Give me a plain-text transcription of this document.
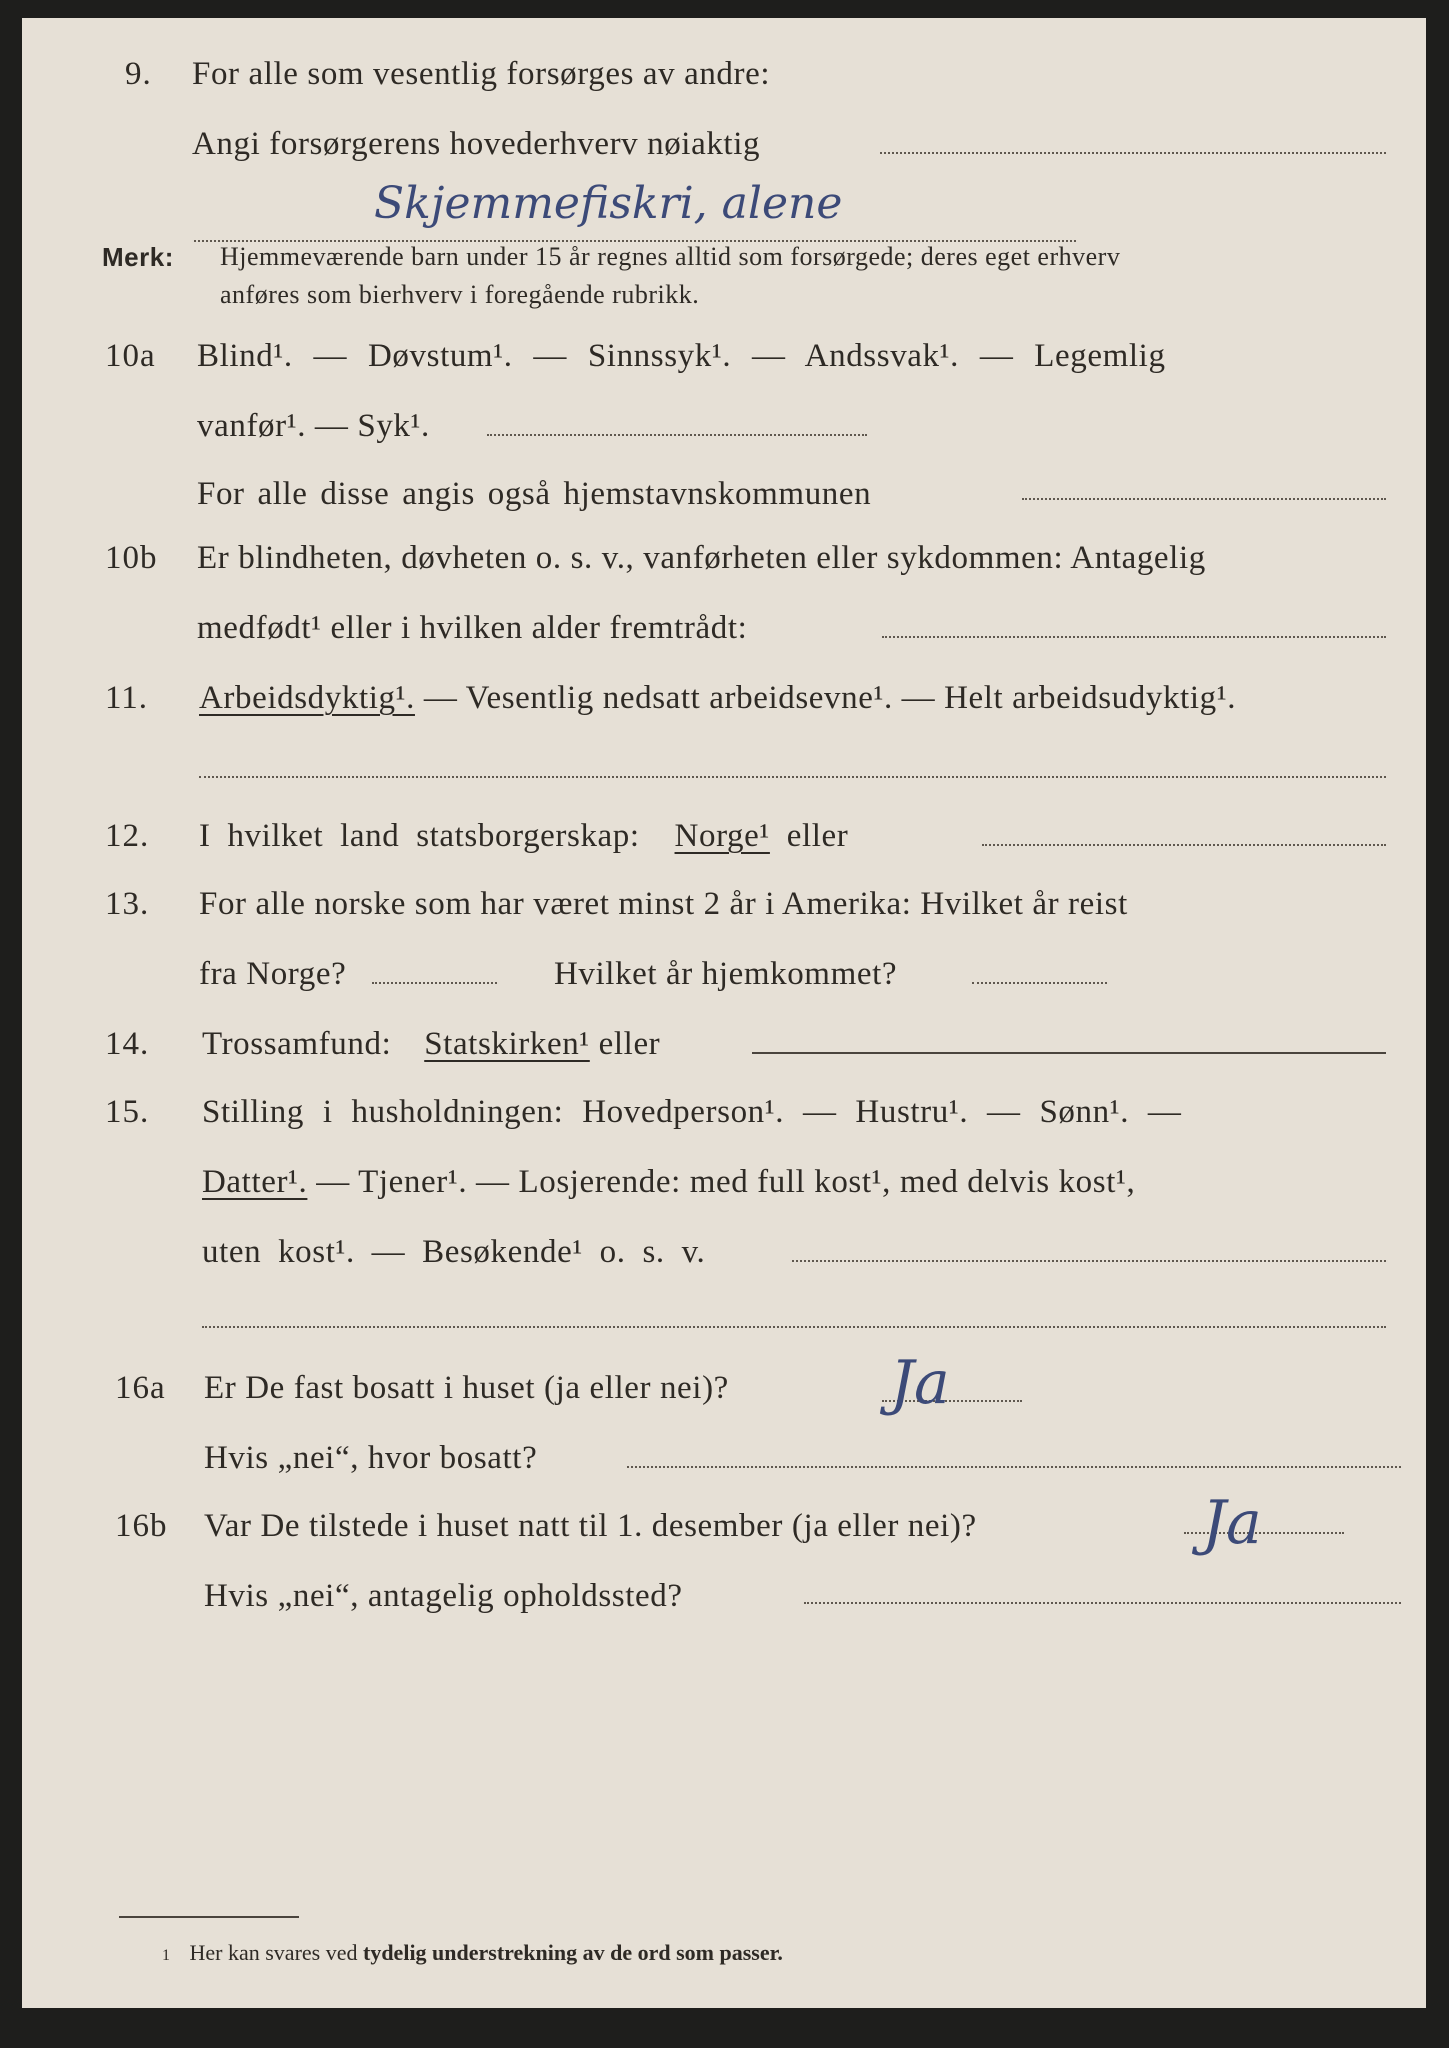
9. For alle som vesentlig forsørges av andre:
Angi forsørgerens hovederhverv nøiaktig
Skjemmefiskri, alene
Merk: Hjemmeværende barn under 15 år regnes alltid som forsørgede; deres eget erhverv
anføres som bierhverv i foregående rubrikk.
10a Blind¹. — Døvstum¹. — Sinnssyk¹. — Andssvak¹. — Legemlig
vanfør¹. — Syk¹.
For alle disse angis også hjemstavnskommunen
10b Er blindheten, døvheten o. s. v., vanførheten eller sykdommen: Antagelig
medfødt¹ eller i hvilken alder fremtrådt:
11. Arbeidsdyktig¹. — Vesentlig nedsatt arbeidsevne¹. — Helt arbeidsudyktig¹.
12. I hvilket land statsborgerskap: Norge¹ eller
13. For alle norske som har været minst 2 år i Amerika: Hvilket år reist
fra Norge?	Hvilket år hjemkommet?
14. Trossamfund: Statskirken¹ eller
15. Stilling i husholdningen: Hovedperson¹. — Hustru¹. — Sønn¹. —
Datter¹. — Tjener¹. — Losjerende: med full kost¹, med delvis kost¹,
uten kost¹. — Besøkende¹ o. s. v.
16a Er De fast bosatt i huset (ja eller nei)?	Ja
Hvis „nei“, hvor bosatt?
16b Var De tilstede i huset natt til 1. desember (ja eller nei)?	Ja
Hvis „nei“, antagelig opholdssted?
1 Her kan svares ved tydelig understrekning av de ord som passer.
